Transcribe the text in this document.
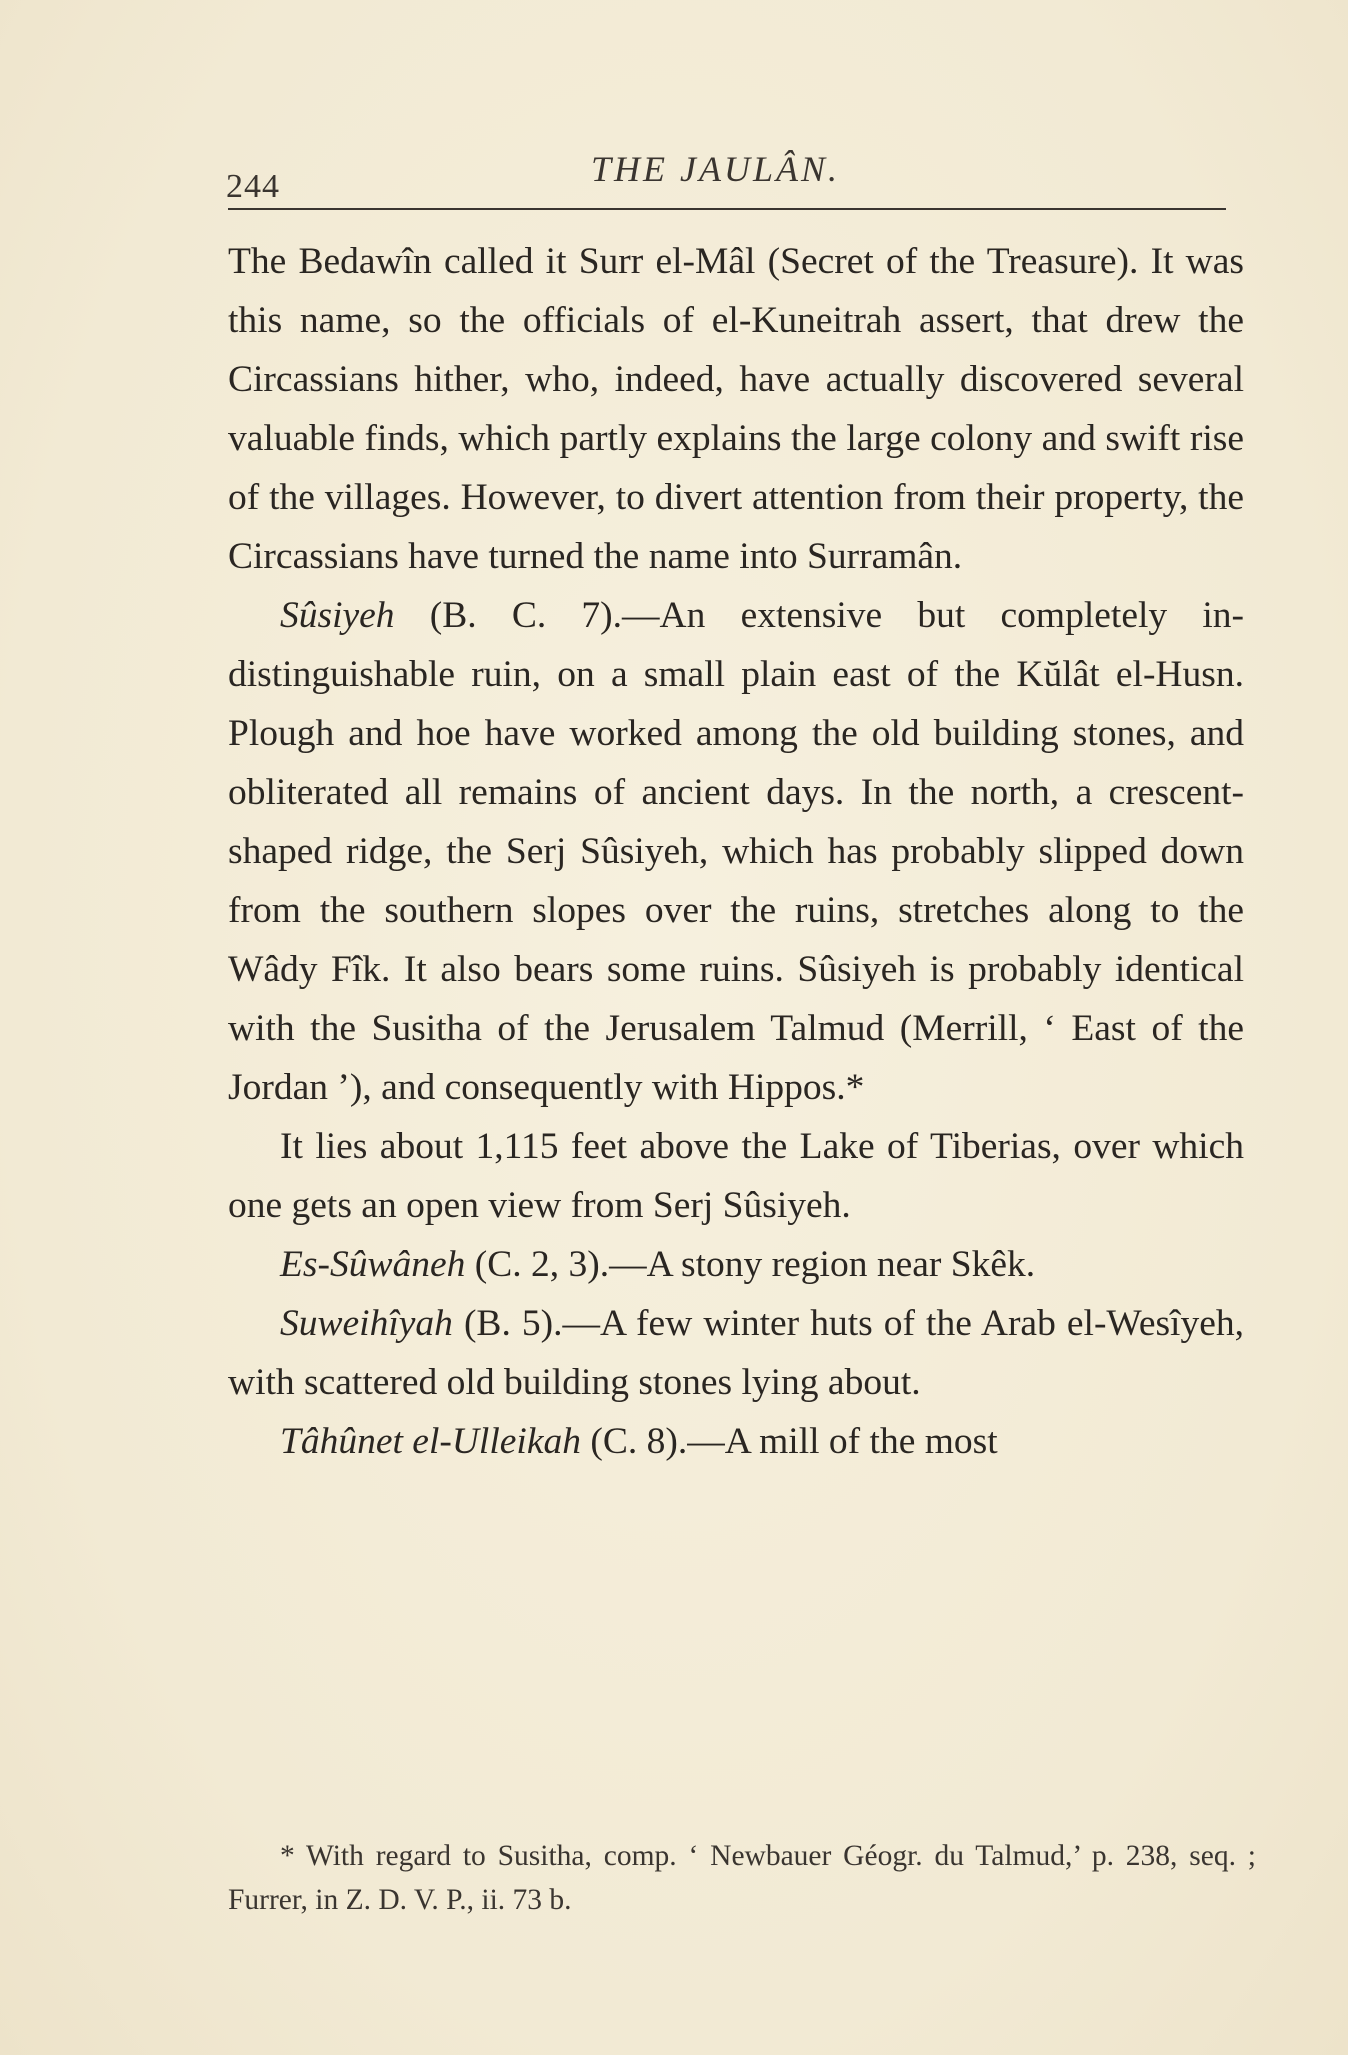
244	THE JAULÂN.

The Bedawîn called it Surr el-Mâl (Secret of the Treasure). It was this name, so the officials of el-Kuneitrah assert, that drew the Circassians hither, who, indeed, have actually discovered several valuable finds, which partly explains the large colony and swift rise of the villages. However, to divert attention from their property, the Circassians have turned the name into Surramân.

Sûsiyeh (B. C. 7).—An extensive but completely indistinguishable ruin, on a small plain east of the Kŭlât el-Husn. Plough and hoe have worked among the old building stones, and obliterated all remains of ancient days. In the north, a crescent-shaped ridge, the Serj Sûsiyeh, which has probably slipped down from the southern slopes over the ruins, stretches along to the Wâdy Fîk. It also bears some ruins. Sûsiyeh is probably identical with the Susitha of the Jerusalem Talmud (Merrill, ‘ East of the Jordan ’), and consequently with Hippos.*

It lies about 1,115 feet above the Lake of Tiberias, over which one gets an open view from Serj Sûsiyeh.

Es-Sûwâneh (C. 2, 3).—A stony region near Skêk.

Suweihîyah (B. 5).—A few winter huts of the Arab el-Wesîyeh, with scattered old building stones lying about.

Tâhûnet el-Ulleikah (C. 8).—A mill of the most

* With regard to Susitha, comp. ‘ Newbauer Géogr. du Talmud,’ p. 238, seq. ; Furrer, in Z. D. V. P., ii. 73 b.
